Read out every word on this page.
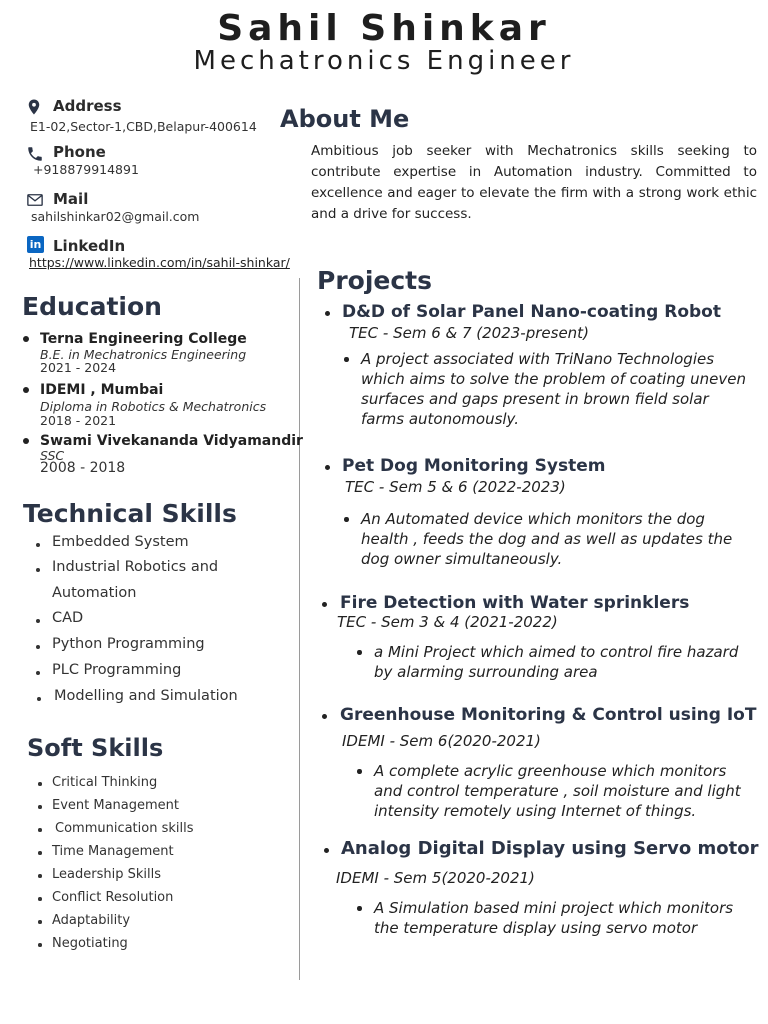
Sahil Shinkar
Mechatronics Engineer
Address
E1-02,Sector-1,CBD,Belapur-400614
Phone
+918879914891
Mail
sahilshinkar02@gmail.com
in LinkedIn
https://www.linkedin.com/in/sahil-shinkar/
Education
Terna Engineering College
B.E. in Mechatronics Engineering
2021 - 2024
IDEMI , Mumbai
Diploma in Robotics & Mechatronics
2018 - 2021
Swami Vivekananda Vidyamandir
SSC
2008 - 2018
Technical Skills
Embedded System
Industrial Robotics and
Automation
CAD
Python Programming
PLC Programming
Modelling and Simulation
Soft Skills
Critical Thinking
Event Management
Communication skills
Time Management
Leadership Skills
Conflict Resolution
Adaptability
Negotiating
About Me
Ambitious job seeker with Mechatronics skills seeking to contribute expertise in Automation industry. Committed to excellence and eager to elevate the firm with a strong work ethic and a drive for success.
Projects
D&D of Solar Panel Nano-coating Robot
TEC - Sem 6 & 7 (2023-present)
A project associated with TriNano Technologies which aims to solve the problem of coating uneven surfaces and gaps present in brown field solar farms autonomously.
Pet Dog Monitoring System
TEC - Sem 5 & 6 (2022-2023)
An Automated device which monitors the dog health , feeds the dog and as well as updates the dog owner simultaneously.
Fire Detection with Water sprinklers
TEC - Sem 3 & 4 (2021-2022)
a Mini Project which aimed to control fire hazard by alarming surrounding area
Greenhouse Monitoring & Control using IoT
IDEMI - Sem 6(2020-2021)
A complete acrylic greenhouse which monitors and control temperature , soil moisture and light intensity remotely using Internet of things.
Analog Digital Display using Servo motor
IDEMI - Sem 5(2020-2021)
A Simulation based mini project which monitors the temperature display using servo motor
